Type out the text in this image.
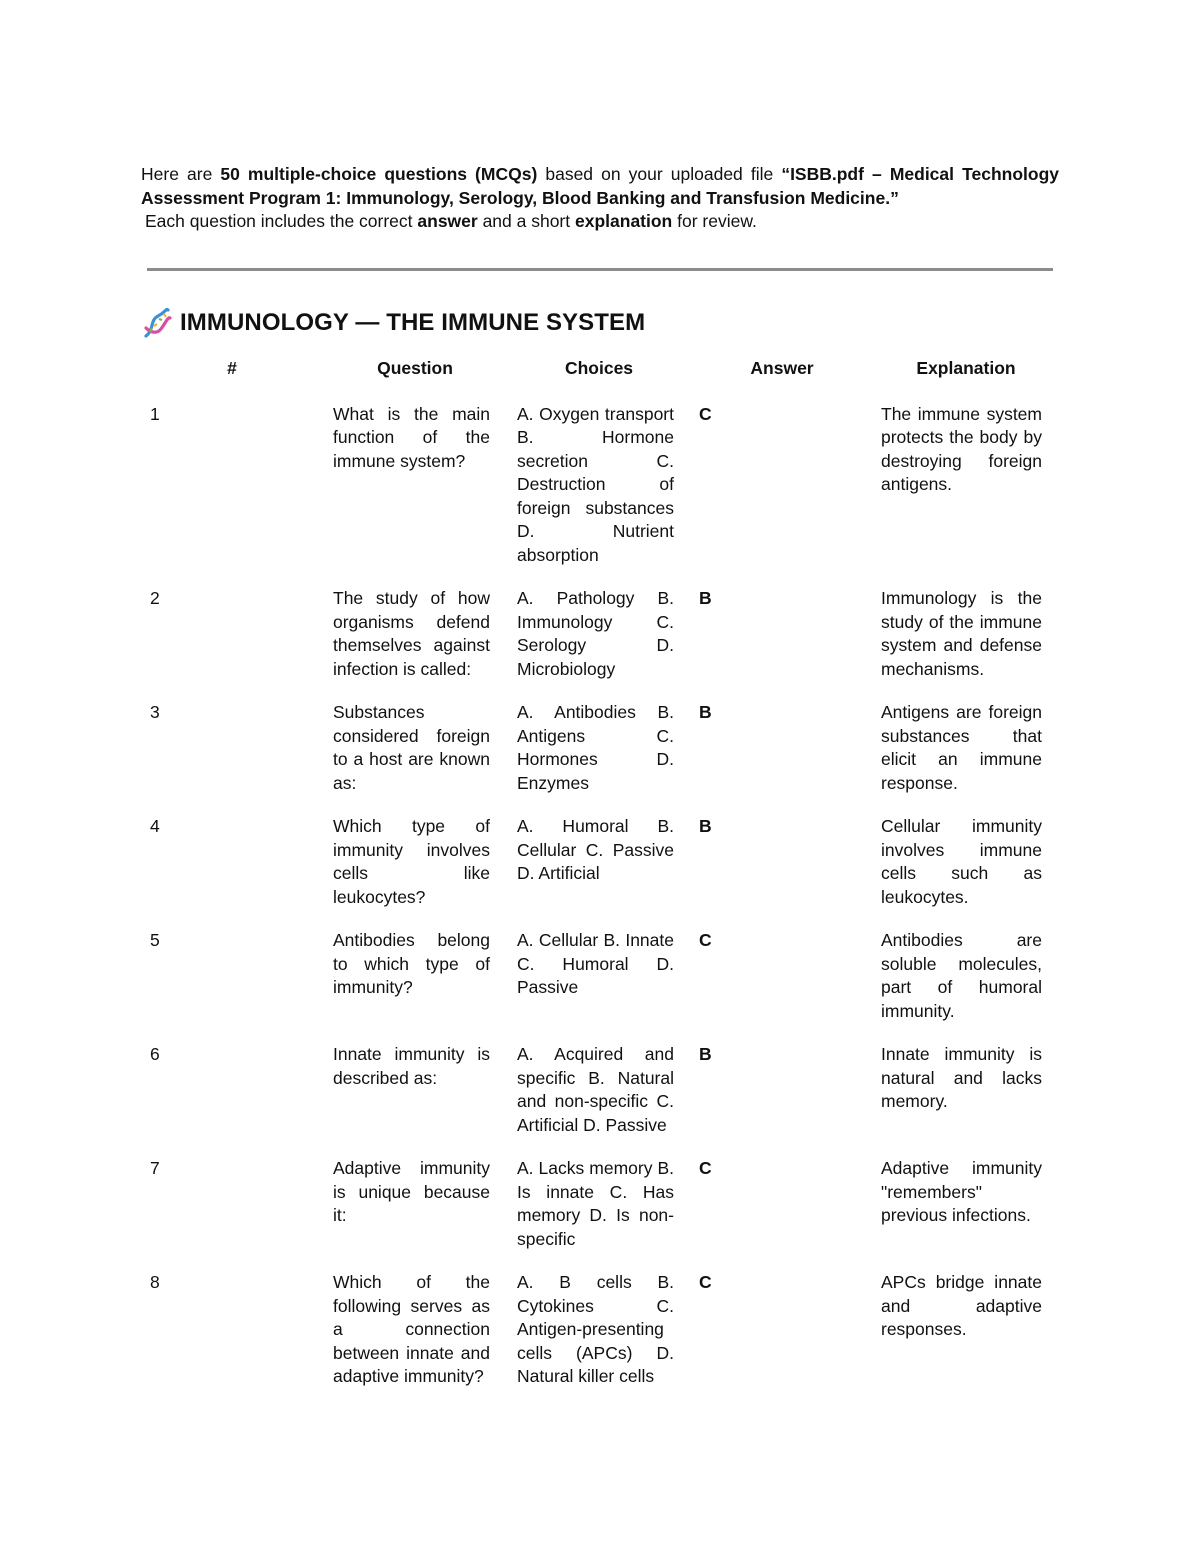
Here are 50 multiple-choice questions (MCQs) based on your uploaded file “ISBB.pdf – Medical Technology Assessment Program 1: Immunology, Serology, Blood Banking and Transfusion Medicine.”

Each question includes the correct answer and a short explanation for review.

IMMUNOLOGY — THE IMMUNE SYSTEM
#	Question	Choices	Answer	Explanation
1	What is the main function of the immune system?	A. Oxygen transport B. Hormone secretion C. Destruction of foreign substances D. Nutrient absorption	C	The immune system protects the body by destroying foreign antigens.
2	The study of how organisms defend themselves against infection is called:	A. Pathology B. Immunology C. Serology D. Microbiology	B	Immunology is the study of the immune system and defense mechanisms.
3	Substances considered foreign to a host are known as:	A. Antibodies B. Antigens C. Hormones D. Enzymes	B	Antigens are foreign substances that elicit an immune response.
4	Which type of immunity involves cells like leukocytes?	A. Humoral B. Cellular C. Passive D. Artificial	B	Cellular immunity involves immune cells such as leukocytes.
5	Antibodies belong to which type of immunity?	A. Cellular B. Innate C. Humoral D. Passive	C	Antibodies are soluble molecules, part of humoral immunity.
6	Innate immunity is described as:	A. Acquired and specific B. Natural and non-specific C. Artificial D. Passive	B	Innate immunity is natural and lacks memory.
7	Adaptive immunity is unique because it:	A. Lacks memory B. Is innate C. Has memory D. Is non-specific	C	Adaptive immunity "remembers" previous infections.
8	Which of the following serves as a connection between innate and adaptive immunity?	A. B cells B. Cytokines C. Antigen-presenting cells (APCs) D. Natural killer cells	C	APCs bridge innate and adaptive responses.
